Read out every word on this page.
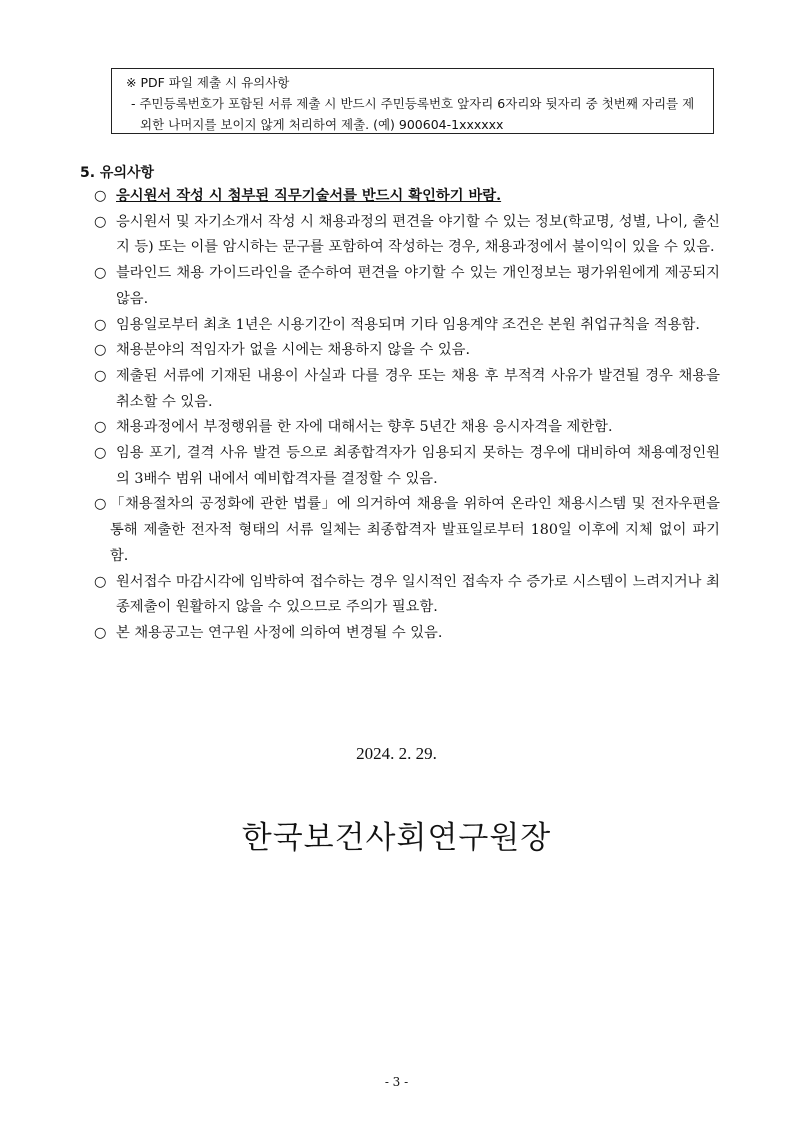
※ PDF 파일 제출 시 유의사항
- 주민등록번호가 포함된 서류 제출 시 반드시 주민등록번호 앞자리 6자리와 뒷자리 중 첫번째 자리를 제외한 나머지를 보이지 않게 처리하여 제출. (예) 900604-1xxxxxx
5. 유의사항
○ 응시원서 작성 시 첨부된 직무기술서를 반드시 확인하기 바람.
○ 응시원서 및 자기소개서 작성 시 채용과정의 편견을 야기할 수 있는 정보(학교명, 성별, 나이, 출신지 등) 또는 이를 암시하는 문구를 포함하여 작성하는 경우, 채용과정에서 불이익이 있을 수 있음.
○ 블라인드 채용 가이드라인을 준수하여 편견을 야기할 수 있는 개인정보는 평가위원에게 제공되지 않음.
○ 임용일로부터 최초 1년은 시용기간이 적용되며 기타 임용계약 조건은 본원 취업규칙을 적용함.
○ 채용분야의 적임자가 없을 시에는 채용하지 않을 수 있음.
○ 제출된 서류에 기재된 내용이 사실과 다를 경우 또는 채용 후 부적격 사유가 발견될 경우 채용을 취소할 수 있음.
○ 채용과정에서 부정행위를 한 자에 대해서는 향후 5년간 채용 응시자격을 제한함.
○ 임용 포기, 결격 사유 발견 등으로 최종합격자가 임용되지 못하는 경우에 대비하여 채용예정인원의 3배수 범위 내에서 예비합격자를 결정할 수 있음.
○ 「채용절차의 공정화에 관한 법률」에 의거하여 채용을 위하여 온라인 채용시스템 및 전자우편을 통해 제출한 전자적 형태의 서류 일체는 최종합격자 발표일로부터 180일 이후에 지체 없이 파기함.
○ 원서접수 마감시각에 임박하여 접수하는 경우 일시적인 접속자 수 증가로 시스템이 느려지거나 최종제출이 원활하지 않을 수 있으므로 주의가 필요함.
○ 본 채용공고는 연구원 사정에 의하여 변경될 수 있음.
2024. 2. 29.
한국보건사회연구원장
- 3 -
